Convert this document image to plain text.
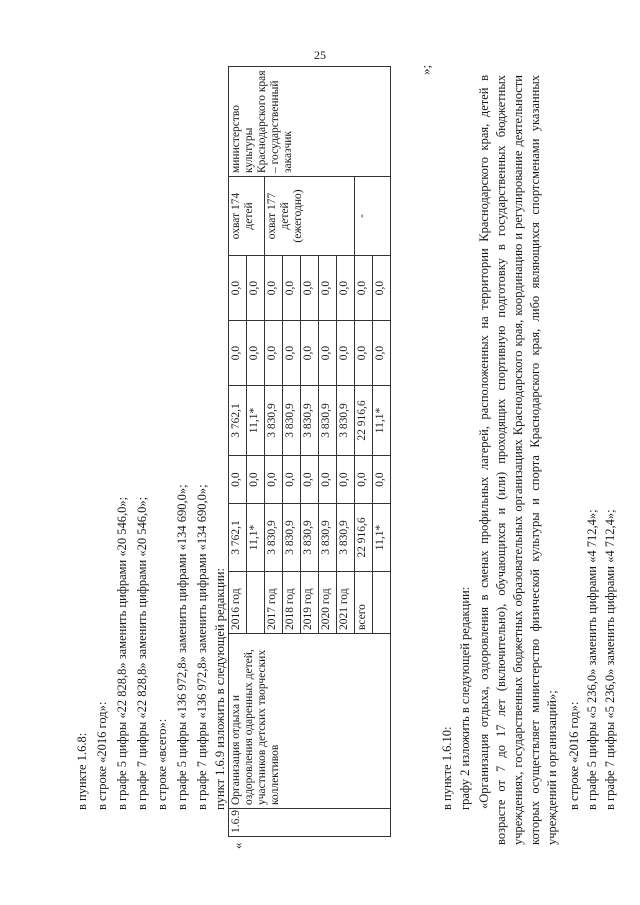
25
в пункте 1.6.8: в строке «2016 год»: в графе 5 цифры «22 828,8» заменить цифрами «20 546,0»; в графе 7 цифры «22 828,8» заменить цифрами «20 546,0»; в строке «всего»: в графе 5 цифры «136 972,8» заменить цифрами «134 690,0»; в графе 7 цифры «136 972,8» заменить цифрами «134 690,0»; пункт 1.6.9 изложить в следующей редакции:
«
1.6.9	Организация отдыха и оздоровления одаренных детей, участников детских творческих коллективов	2016 год	3 762,1	0,0	3 762,1	0,0	0,0	охват 174 детей	министерство культуры Краснодарского края – государственный заказчик
			11,1*	0,0	11,1*	0,0	0,0		
		2017 год	3 830,9	0,0	3 830,9	0,0	0,0	охват 177 детей (ежегодно)	
		2018 год	3 830,9	0,0	3 830,9	0,0	0,0		
		2019 год	3 830,9	0,0	3 830,9	0,0	0,0		
		2020 год	3 830,9	0,0	3 830,9	0,0	0,0		
		2021 год	3 830,9	0,0	3 830,9	0,0	0,0		
		всего	22 916,6	0,0	22 916,6	0,0	0,0	-	
			11,1*	0,0	11,1*	0,0	0,0		
»;
в пункте 1.6.10: графу 2 изложить в следующей редакции: «Организация отдыха, оздоровления в сменах профильных лагерей, расположенных на территории Краснодарского края, детей в возрасте от 7 до 17 лет (включительно), обучающихся и (или) проходящих спортивную подготовку в государственных бюджетных учреждениях, государственных бюджетных образовательных организациях Краснодарского края, координацию и регулирование деятельности которых осуществляет министерство физической культуры и спорта Краснодарского края, либо являющихся спортсменами указанных учреждений и организаций»; в строке «2016 год»: в графе 5 цифры «5 236,0» заменить цифрами «4 712,4»; в графе 7 цифры «5 236,0» заменить цифрами «4 712,4»;
